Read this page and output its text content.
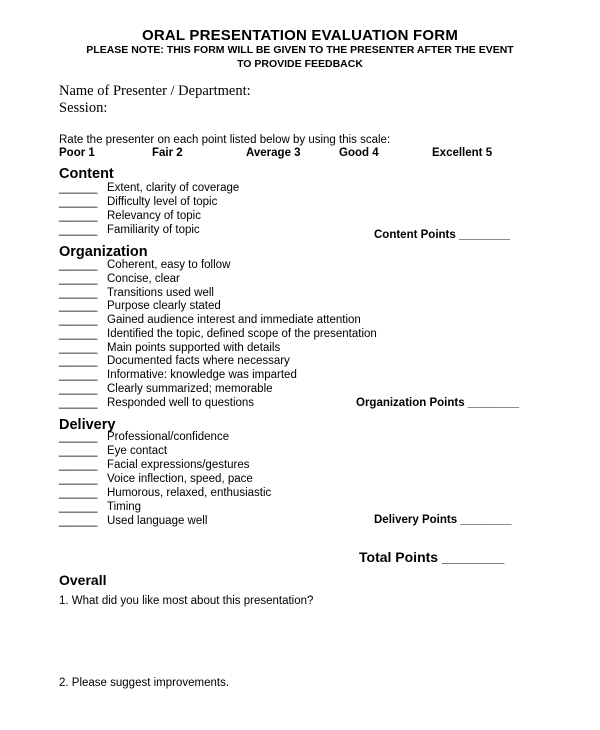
ORAL PRESENTATION EVALUATION FORM
PLEASE NOTE: THIS FORM WILL BE GIVEN TO THE PRESENTER AFTER THE EVENT
TO PROVIDE FEEDBACK
Name of Presenter / Department:
Session:
Rate the presenter on each point listed below by using this scale:
Poor 1	Fair 2	Average 3	Good 4	Excellent 5
Content
______ Extent, clarity of coverage
______ Difficulty level of topic
______ Relevancy of topic
______ Familiarity of topic	Content Points ________
Organization
______ Coherent, easy to follow
______ Concise, clear
______ Transitions used well
______ Purpose clearly stated
______ Gained audience interest and immediate attention
______ Identified the topic, defined scope of the presentation
______ Main points supported with details
______ Documented facts where necessary
______ Informative: knowledge was imparted
______ Clearly summarized; memorable
______ Responded well to questions	Organization Points ________
Delivery
______ Professional/confidence
______ Eye contact
______ Facial expressions/gestures
______ Voice inflection, speed, pace
______ Humorous, relaxed, enthusiastic
______ Timing
______ Used language well	Delivery Points ________
Total Points ________
Overall
1. What did you like most about this presentation?
2. Please suggest improvements.
